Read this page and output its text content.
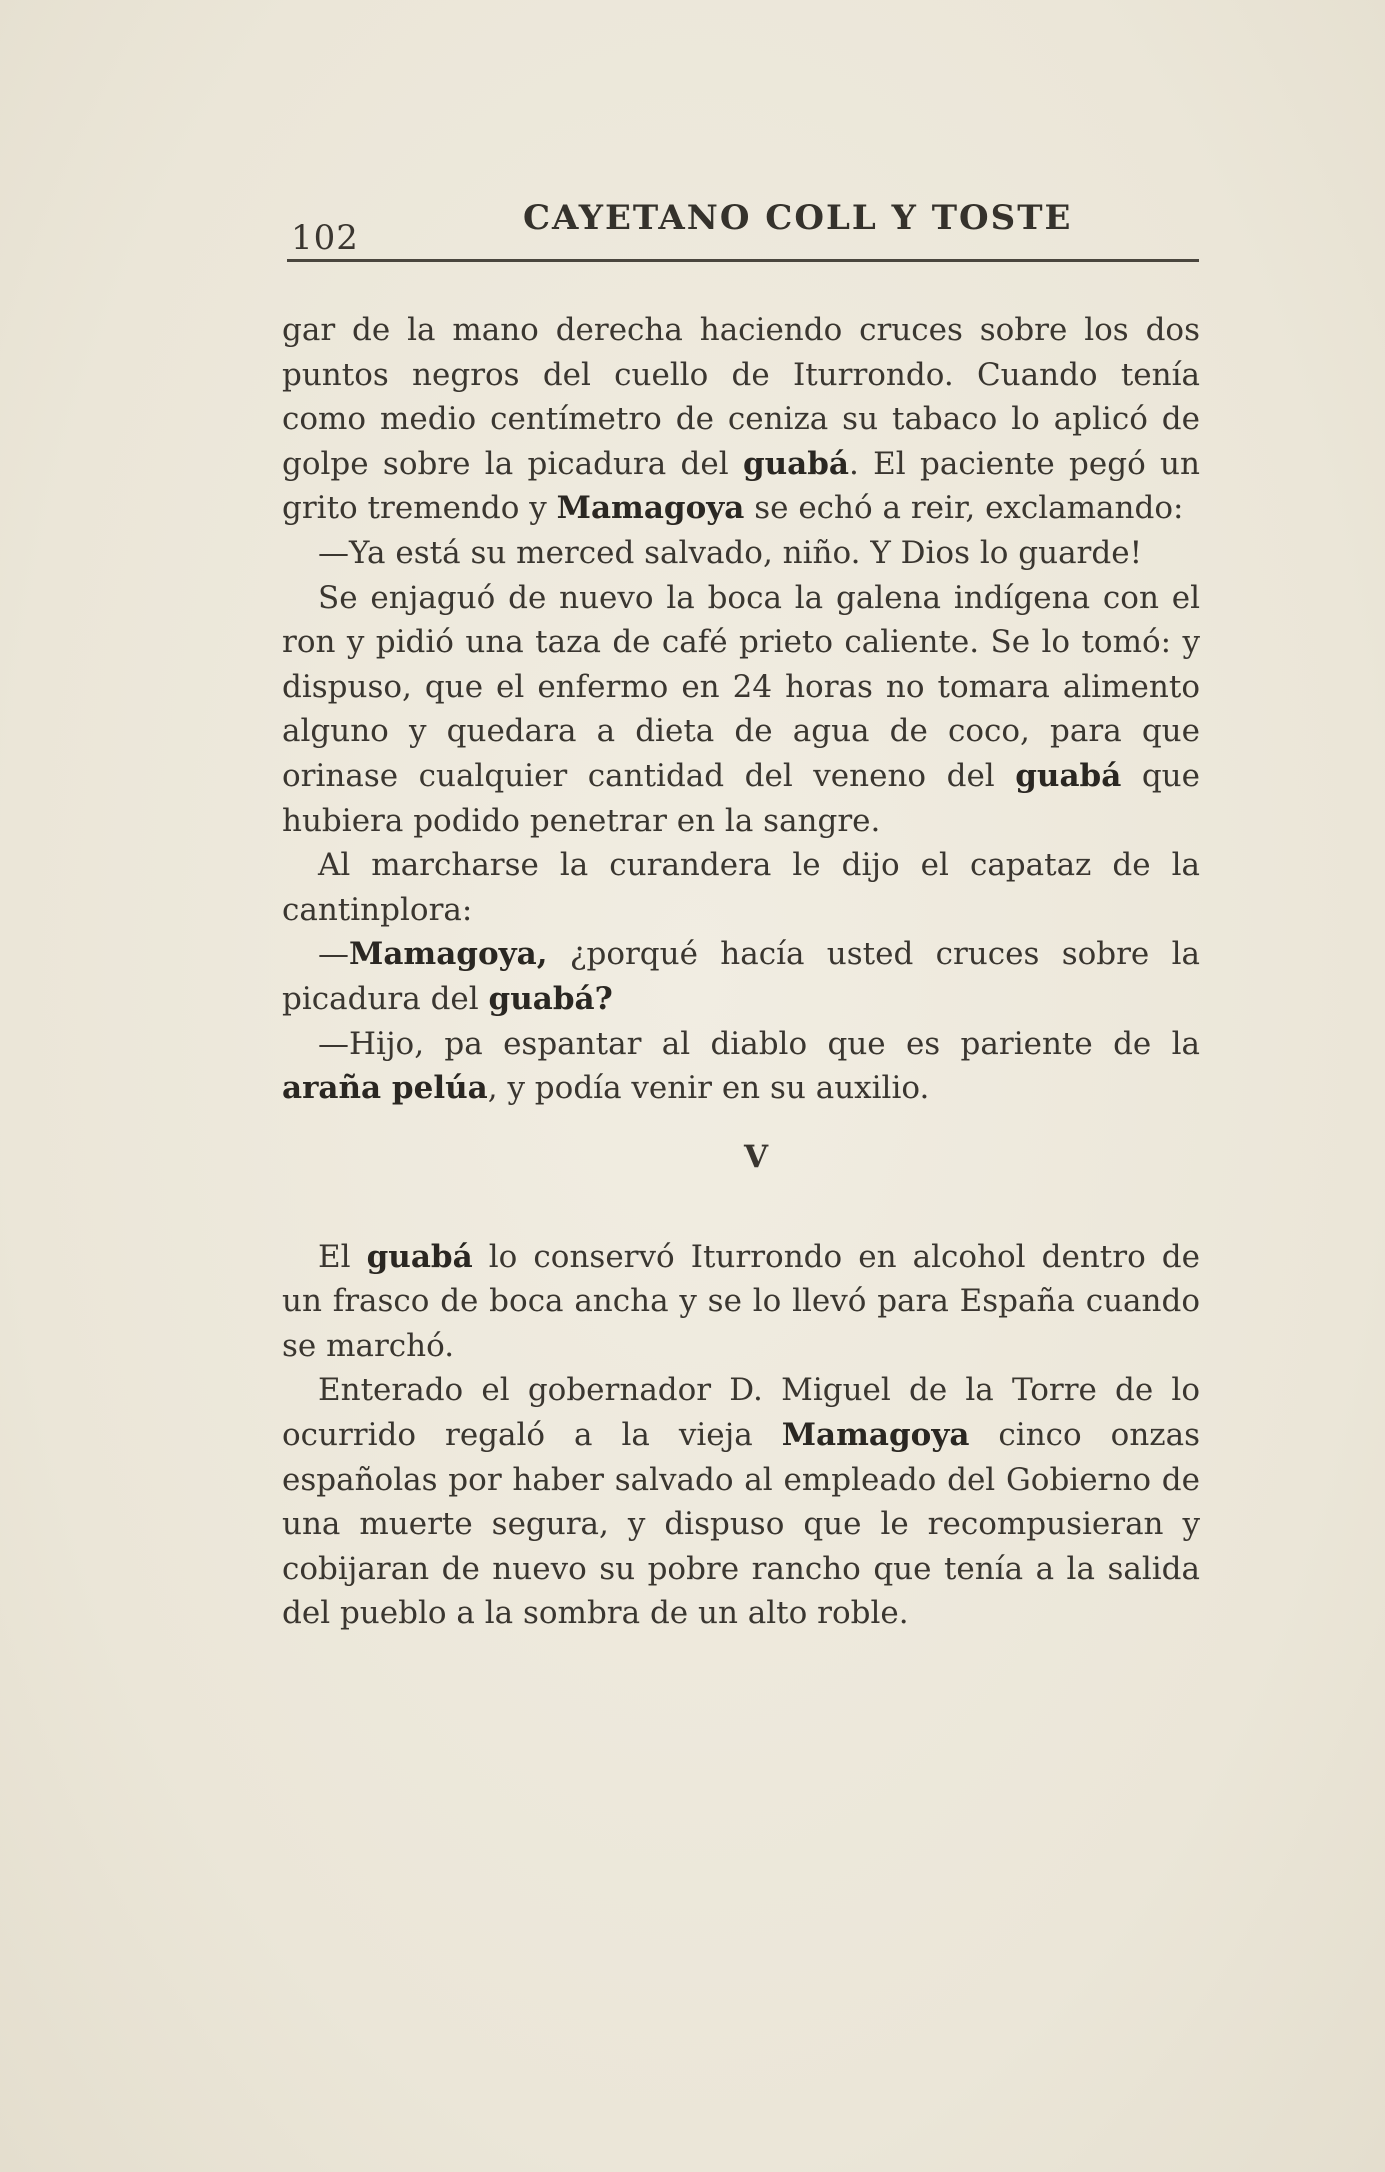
102	CAYETANO COLL Y TOSTE

gar de la mano derecha haciendo cruces sobre los dos puntos negros del cuello de Iturrondo. Cuando tenía como medio centímetro de ceniza su tabaco lo aplicó de golpe sobre la picadura del guabá. El paciente pegó un grito tremendo y Mamagoya se echó a reir, exclamando:

—Ya está su merced salvado, niño. Y Dios lo guarde!

Se enjaguó de nuevo la boca la galena indígena con el ron y pidió una taza de café prieto caliente. Se lo tomó: y dispuso, que el enfermo en 24 horas no tomara alimento alguno y quedara a dieta de agua de coco, para que orinase cualquier cantidad del veneno del guabá que hubiera podido penetrar en la sangre.

Al marcharse la curandera le dijo el capataz de la cantinplora:

—Mamagoya, ¿porqué hacía usted cruces sobre la picadura del guabá?

—Hijo, pa espantar al diablo que es pariente de la araña pelúa, y podía venir en su auxilio.

V

El guabá lo conservó Iturrondo en alcohol dentro de un frasco de boca ancha y se lo llevó para España cuando se marchó.

Enterado el gobernador D. Miguel de la Torre de lo ocurrido regaló a la vieja Mamagoya cinco onzas españolas por haber salvado al empleado del Gobierno de una muerte segura, y dispuso que le recompusieran y cobijaran de nuevo su pobre rancho que tenía a la salida del pueblo a la sombra de un alto roble.
